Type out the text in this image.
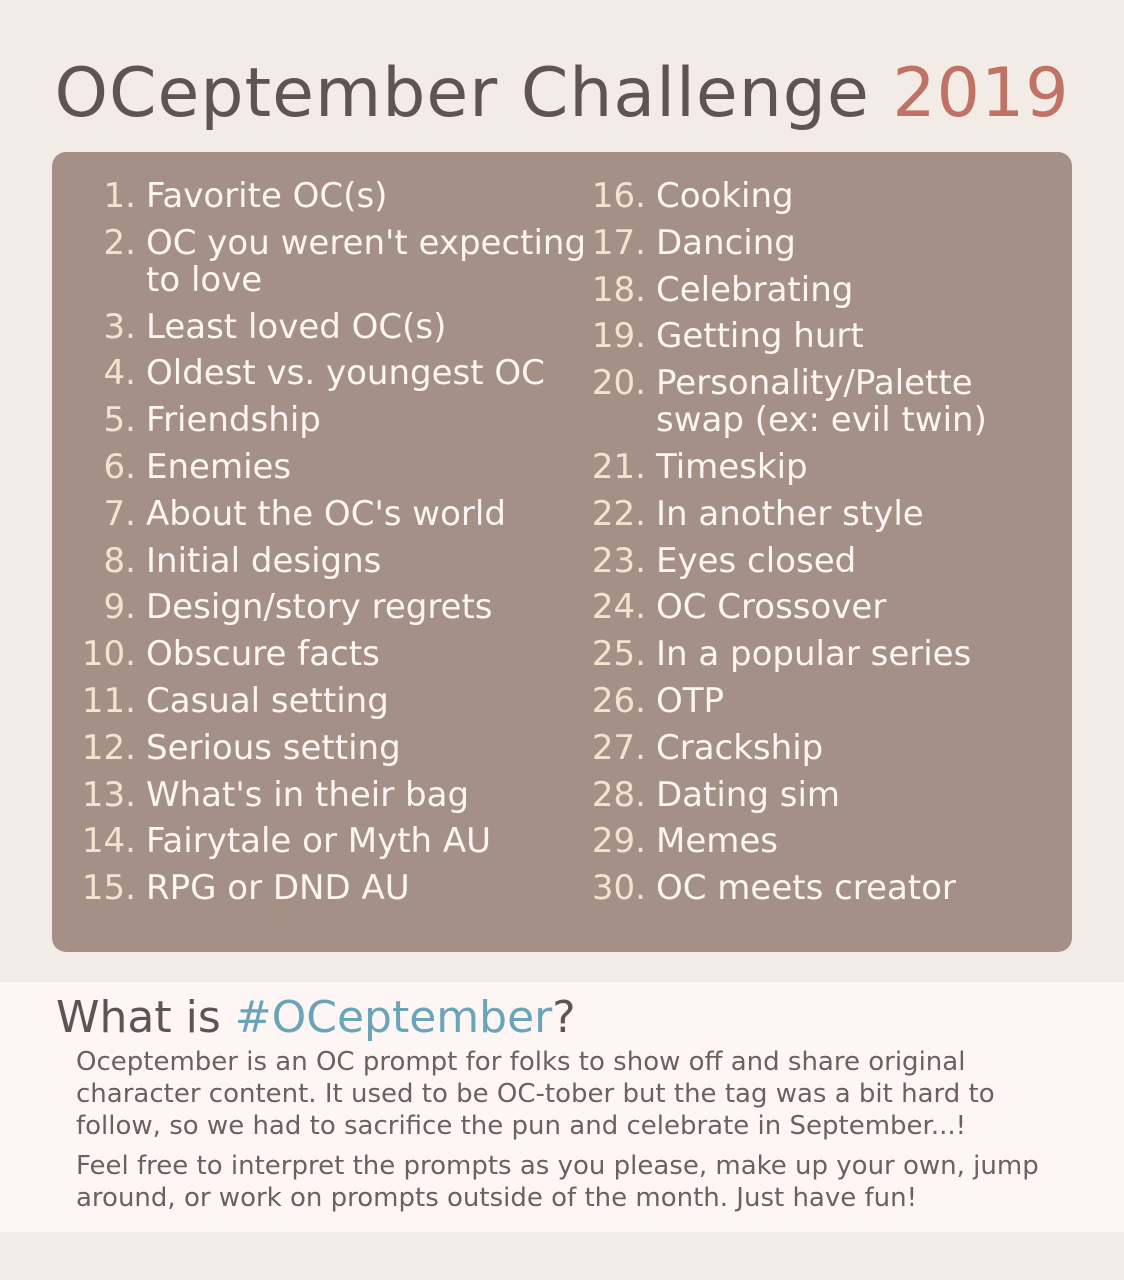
OCeptember Challenge 2019
1. Favorite OC(s)
2. OC you weren't expecting to love
3. Least loved OC(s)
4. Oldest vs. youngest OC
5. Friendship
6. Enemies
7. About the OC's world
8. Initial designs
9. Design/story regrets
10. Obscure facts
11. Casual setting
12. Serious setting
13. What's in their bag
14. Fairytale or Myth AU
15. RPG or DND AU
16. Cooking
17. Dancing
18. Celebrating
19. Getting hurt
20. Personality/Palette swap (ex: evil twin)
21. Timeskip
22. In another style
23. Eyes closed
24. OC Crossover
25. In a popular series
26. OTP
27. Crackship
28. Dating sim
29. Memes
30. OC meets creator
What is #OCeptember?
Oceptember is an OC prompt for folks to show off and share original character content. It used to be OC-tober but the tag was a bit hard to follow, so we had to sacrifice the pun and celebrate in September...!
Feel free to interpret the prompts as you please, make up your own, jump around, or work on prompts outside of the month. Just have fun!
